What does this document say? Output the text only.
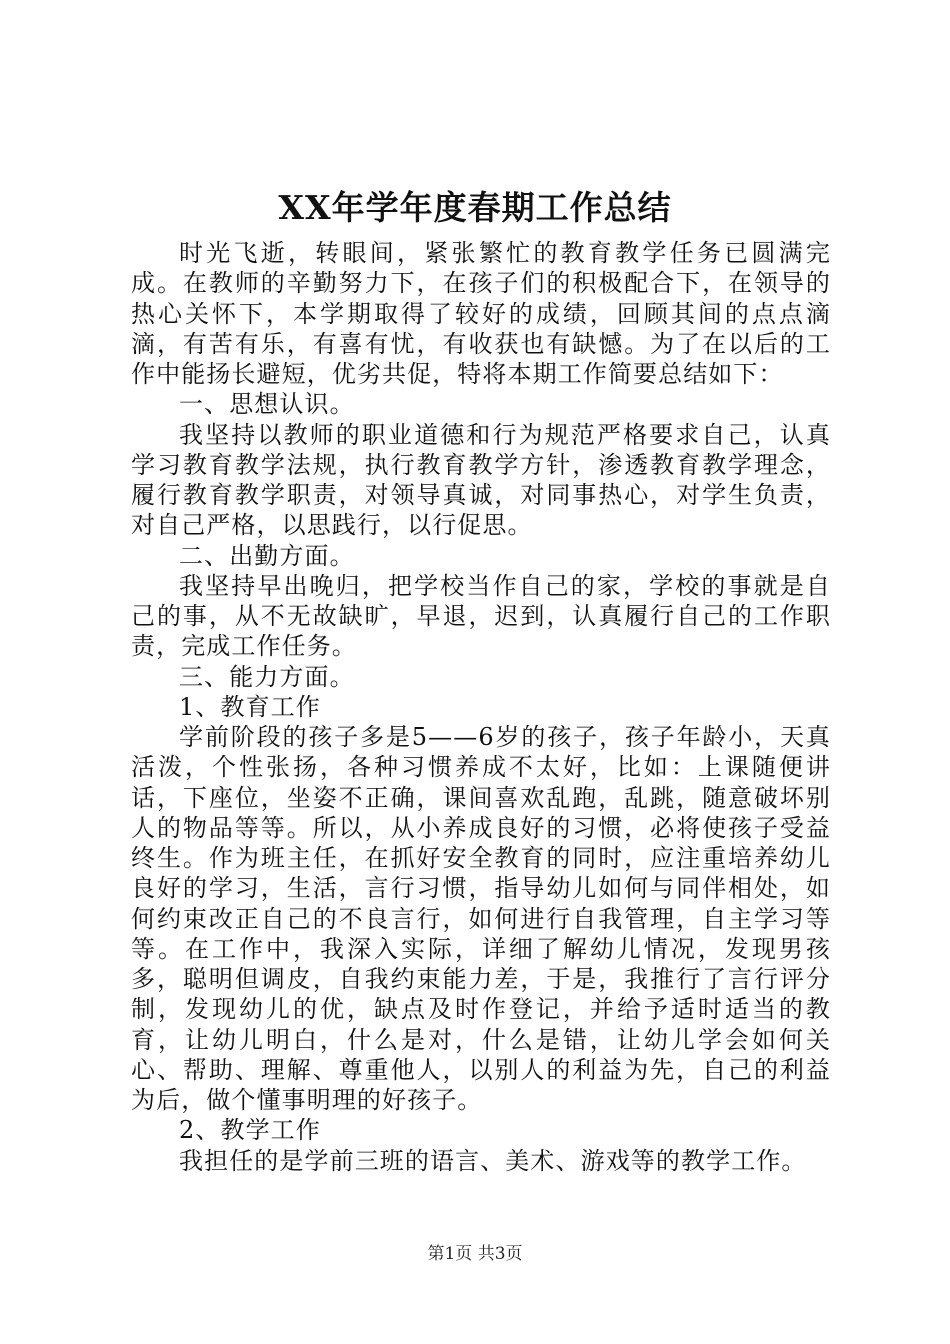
XX年学年度春期工作总结

时光飞逝，转眼间，紧张繁忙的教育教学任务已圆满完成。在教师的辛勤努力下，在孩子们的积极配合下，在领导的热心关怀下，本学期取得了较好的成绩，回顾其间的点点滴滴，有苦有乐，有喜有忧，有收获也有缺憾。为了在以后的工作中能扬长避短，优劣共促，特将本期工作简要总结如下：

一、思想认识。

我坚持以教师的职业道德和行为规范严格要求自己，认真学习教育教学法规，执行教育教学方针，渗透教育教学理念，履行教育教学职责，对领导真诚，对同事热心，对学生负责，对自己严格，以思践行，以行促思。

二、出勤方面。

我坚持早出晚归，把学校当作自己的家，学校的事就是自己的事，从不无故缺旷，早退，迟到，认真履行自己的工作职责，完成工作任务。

三、能力方面。

1、教育工作

学前阶段的孩子多是5——6岁的孩子，孩子年龄小，天真活泼，个性张扬，各种习惯养成不太好，比如：上课随便讲话，下座位，坐姿不正确，课间喜欢乱跑，乱跳，随意破坏别人的物品等等。所以，从小养成良好的习惯，必将使孩子受益终生。作为班主任，在抓好安全教育的同时，应注重培养幼儿良好的学习，生活，言行习惯，指导幼儿如何与同伴相处，如何约束改正自己的不良言行，如何进行自我管理，自主学习等等。在工作中，我深入实际，详细了解幼儿情况，发现男孩多，聪明但调皮，自我约束能力差，于是，我推行了言行评分制，发现幼儿的优，缺点及时作登记，并给予适时适当的教育，让幼儿明白，什么是对，什么是错，让幼儿学会如何关心、帮助、理解、尊重他人，以别人的利益为先，自己的利益为后，做个懂事明理的好孩子。

2、教学工作

我担任的是学前三班的语言、美术、游戏等的教学工作。

第1页 共3页
